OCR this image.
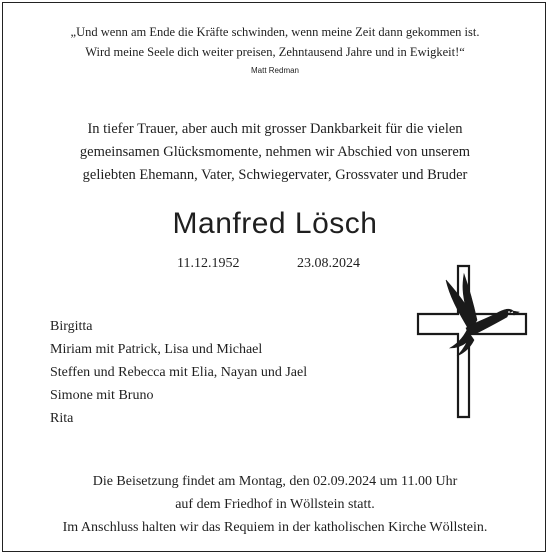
„Und wenn am Ende die Kräfte schwinden, wenn meine Zeit dann gekommen ist.
Wird meine Seele dich weiter preisen, Zehntausend Jahre und in Ewigkeit!“
Matt Redman
In tiefer Trauer, aber auch mit grosser Dankbarkeit für die vielen
gemeinsamen Glücksmomente, nehmen wir Abschied von unserem
geliebten Ehemann, Vater, Schwiegervater, Grossvater und Bruder
Manfred Lösch
11.12.1952	23.08.2024
Birgitta
Miriam mit Patrick, Lisa und Michael
Steffen und Rebecca mit Elia, Nayan und Jael
Simone mit Bruno
Rita
Die Beisetzung findet am Montag, den 02.09.2024 um 11.00 Uhr
auf dem Friedhof in Wöllstein statt.
Im Anschluss halten wir das Requiem in der katholischen Kirche Wöllstein.
